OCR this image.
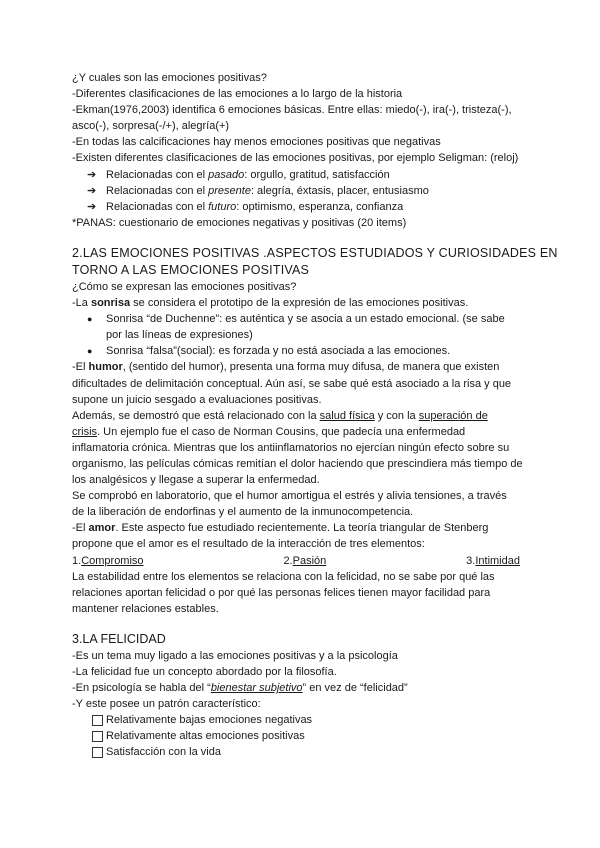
¿Y cuales son las emociones positivas?

-Diferentes clasificaciones de las emociones a lo largo de la historia

-Ekman(1976,2003) identifica 6 emociones básicas. Entre ellas: miedo(-), ira(-), tristeza(-),

asco(-), sorpresa(-/+), alegría(+)

-En todas las calcificaciones hay menos emociones positivas que negativas

-Existen diferentes clasificaciones de las emociones positivas, por ejemplo Seligman: (reloj)

➔ Relacionadas con el pasado: orgullo, gratitud, satisfacción

➔ Relacionadas con el presente: alegría, éxtasis, placer, entusiasmo

➔ Relacionadas con el futuro: optimismo, esperanza, confianza

*PANAS: cuestionario de emociones negativas y positivas (20 items)

2.LAS EMOCIONES POSITIVAS .ASPECTOS ESTUDIADOS Y CURIOSIDADES EN
TORNO A LAS EMOCIONES POSITIVAS

¿Cómo se expresan las emociones positivas?

-La sonrisa se considera el prototipo de la expresión de las emociones positivas.

● Sonrisa “de Duchenne”: es auténtica y se asocia a un estado emocional. (se sabe
por las líneas de expresiones)

● Sonrisa “falsa”(social): es forzada y no está asociada a las emociones.

-El humor, (sentido del humor), presenta una forma muy difusa, de manera que existen

dificultades de delimitación conceptual. Aún así, se sabe qué está asociado a la risa y que

supone un juicio sesgado a evaluaciones positivas.

Además, se demostró que está relacionado con la salud física y con la superación de

crisis. Un ejemplo fue el caso de Norman Cousins, que padecía una enfermedad

inflamatoria crónica. Mientras que los antiinflamatorios no ejercían ningún efecto sobre su

organismo, las películas cómicas remitían el dolor haciendo que prescindiera más tiempo de

los analgésicos y llegase a superar la enfermedad.

Se comprobó en laboratorio, que el humor amortigua el estrés y alivia tensiones, a través

de la liberación de endorfinas y el aumento de la inmunocompetencia.

-El amor. Este aspecto fue estudiado recientemente. La teoría triangular de Stenberg

propone que el amor es el resultado de la interacción de tres elementos:

1.Compromiso	2.Pasión	3.Intimidad

La estabilidad entre los elementos se relaciona con la felicidad, no se sabe por qué las

relaciones aportan felicidad o por qué las personas felices tienen mayor facilidad para

mantener relaciones estables.

3.LA FELICIDAD

-Es un tema muy ligado a las emociones positivas y a la psicología

-La felicidad fue un concepto abordado por la filosofía.

-En psicología se habla del “bienestar subjetivo” en vez de “felicidad”

-Y este posee un patrón característico:

Relativamente bajas emociones negativas

Relativamente altas emociones positivas

Satisfacción con la vida
